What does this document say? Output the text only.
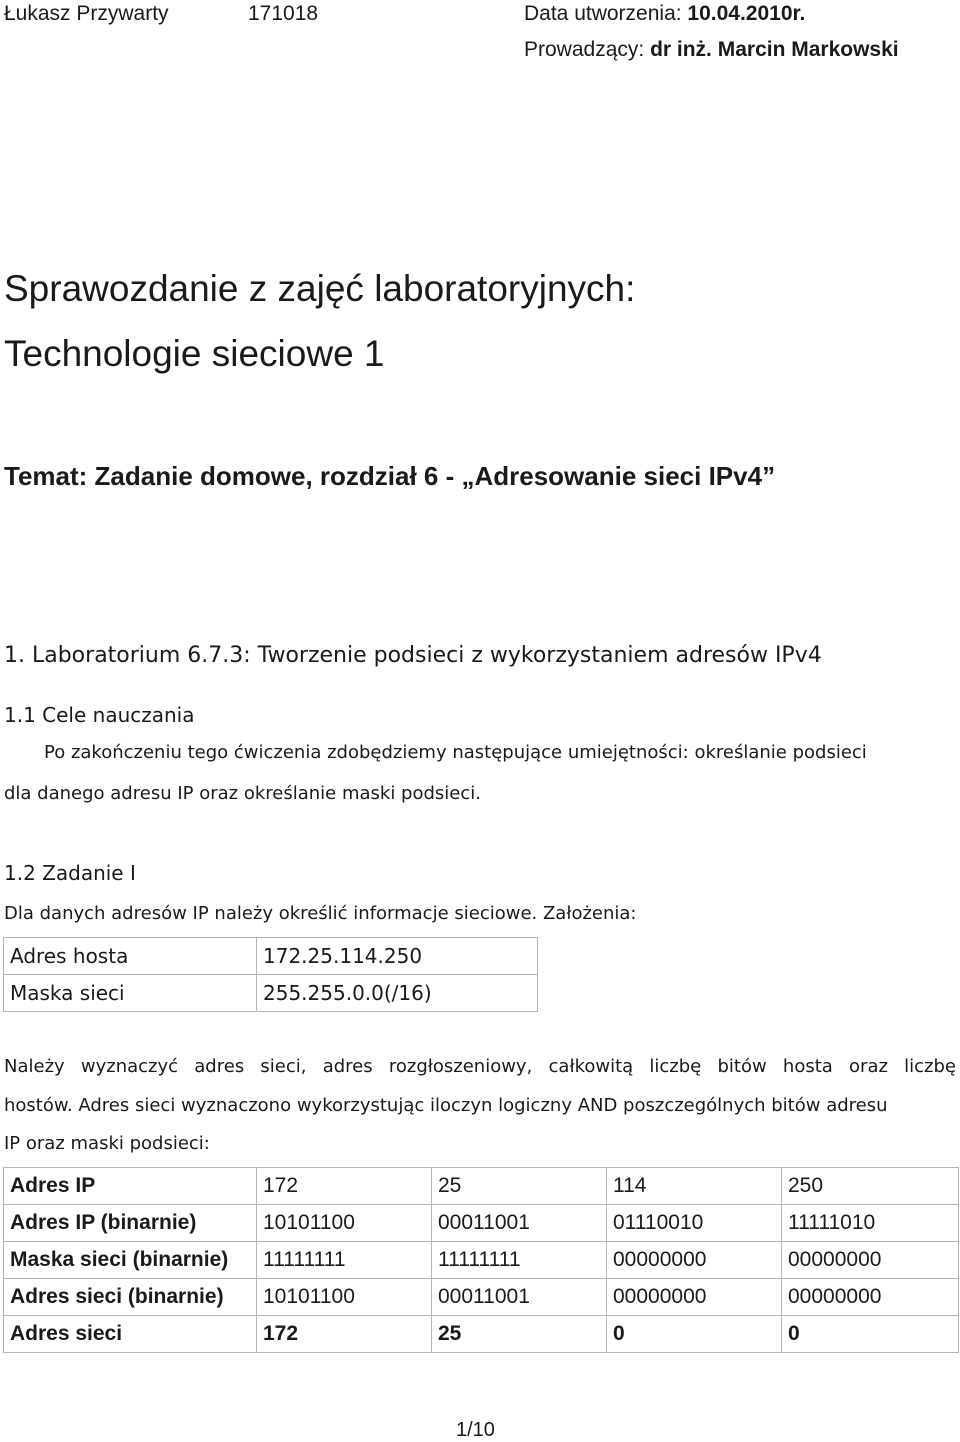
Łukasz Przywarty	171018	Data utworzenia: 10.04.2010r.
Prowadzący: dr inż. Marcin Markowski
Sprawozdanie z zajęć laboratoryjnych:
Technologie sieciowe 1
Temat: Zadanie domowe, rozdział 6 - „Adresowanie sieci IPv4”
1. Laboratorium 6.7.3: Tworzenie podsieci z wykorzystaniem adresów IPv4
1.1 Cele nauczania
Po zakończeniu tego ćwiczenia zdobędziemy następujące umiejętności: określanie podsieci
dla danego adresu IP oraz określanie maski podsieci.
1.2 Zadanie I
Dla danych adresów IP należy określić informacje sieciowe. Założenia:
Adres hosta	172.25.114.250
Maska sieci	255.255.0.0(/16)
Należy wyznaczyć adres sieci, adres rozgłoszeniowy, całkowitą liczbę bitów hosta oraz liczbę
hostów. Adres sieci wyznaczono wykorzystując iloczyn logiczny AND poszczególnych bitów adresu
IP oraz maski podsieci:
Adres IP	172	25	114	250
Adres IP (binarnie)	10101100	00011001	01110010	11111010
Maska sieci (binarnie)	11111111	11111111	00000000	00000000
Adres sieci (binarnie)	10101100	00011001	00000000	00000000
Adres sieci	172	25	0	0
1/10
